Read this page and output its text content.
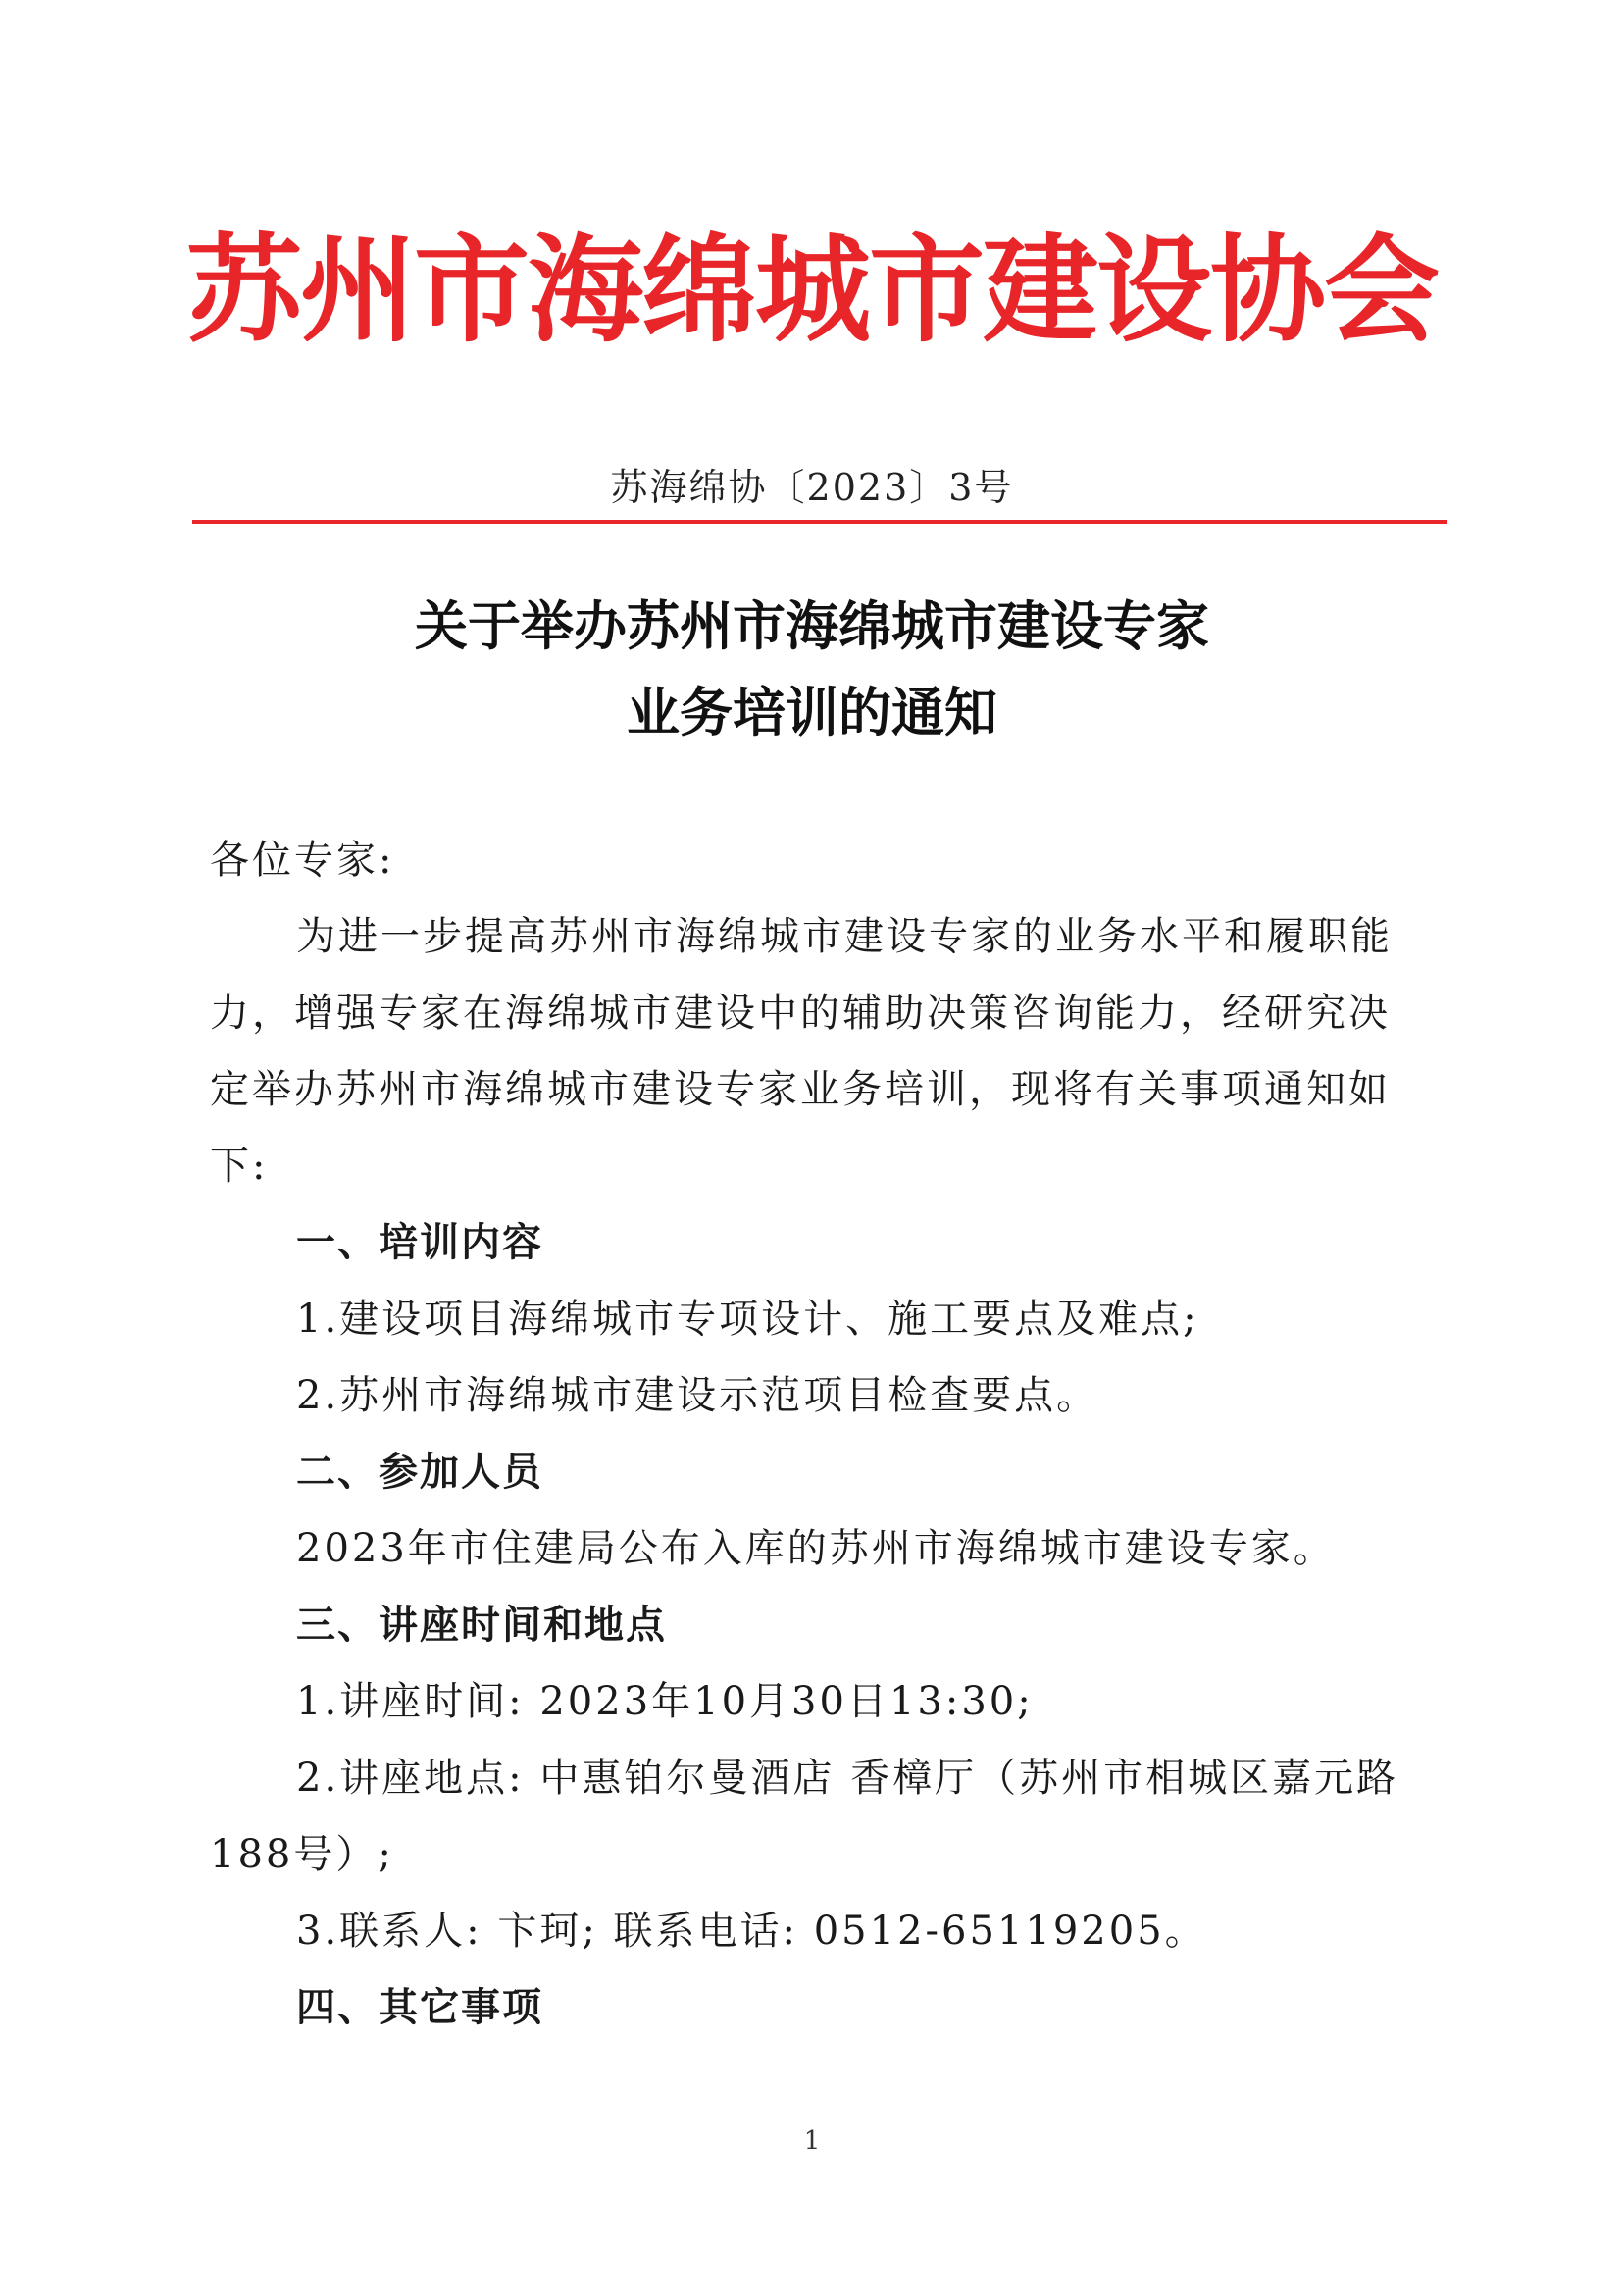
苏州市海绵城市建设协会
苏海绵协〔2023〕3号
关于举办苏州市海绵城市建设专家
业务培训的通知

各位专家:

为进一步提高苏州市海绵城市建设专家的业务水平和履职能力，增强专家在海绵城市建设中的辅助决策咨询能力，经研究决定举办苏州市海绵城市建设专家业务培训，现将有关事项通知如下:

一、培训内容

1.建设项目海绵城市专项设计、施工要点及难点;

2.苏州市海绵城市建设示范项目检查要点。

二、参加人员

2023年市住建局公布入库的苏州市海绵城市建设专家。

三、讲座时间和地点

1.讲座时间: 2023年10月30日13:30;

2.讲座地点: 中惠铂尔曼酒店 香樟厅（苏州市相城区嘉元路188号）;

3.联系人: 卞珂; 联系电话: 0512-65119205。

四、其它事项

1
